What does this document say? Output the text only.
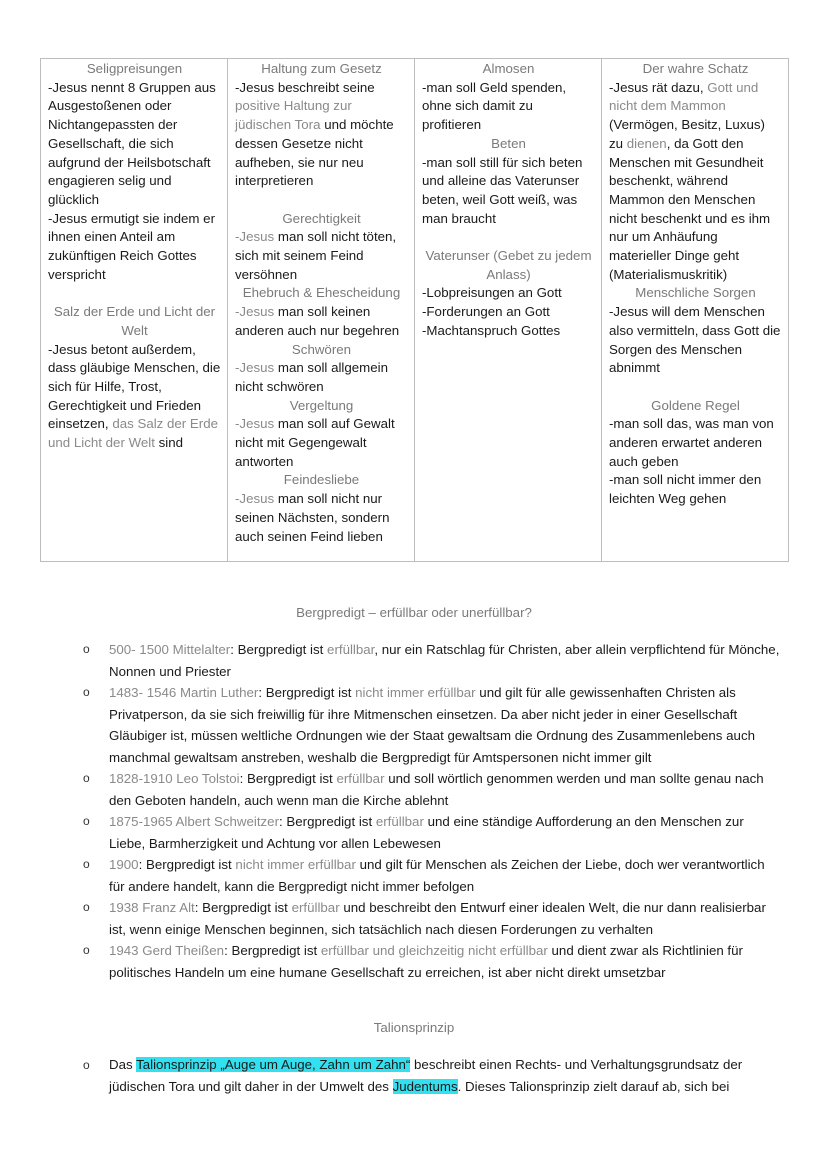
Seligpreisungen
-Jesus nennt 8 Gruppen aus Ausgestoßenen oder Nichtangepassten der Gesellschaft, die sich aufgrund der Heilsbotschaft engagieren selig und glücklich
-Jesus ermutigt sie indem er ihnen einen Anteil am zukünftigen Reich Gottes verspricht
Salz der Erde und Licht der Welt
-Jesus betont außerdem, dass gläubige Menschen, die sich für Hilfe, Trost, Gerechtigkeit und Frieden einsetzen, das Salz der Erde und Licht der Welt sind

Haltung zum Gesetz
-Jesus beschreibt seine positive Haltung zur jüdischen Tora und möchte dessen Gesetze nicht aufheben, sie nur neu interpretieren
Gerechtigkeit
-Jesus man soll nicht töten, sich mit seinem Feind versöhnen
Ehebruch & Ehescheidung
-Jesus man soll keinen anderen auch nur begehren
Schwören
-Jesus man soll allgemein nicht schwören
Vergeltung
-Jesus man soll auf Gewalt nicht mit Gegengewalt antworten
Feindesliebe
-Jesus man soll nicht nur seinen Nächsten, sondern auch seinen Feind lieben

Almosen
-man soll Geld spenden, ohne sich damit zu profitieren
Beten
-man soll still für sich beten und alleine das Vaterunser beten, weil Gott weiß, was man braucht
Vaterunser (Gebet zu jedem Anlass)
-Lobpreisungen an Gott
-Forderungen an Gott
-Machtanspruch Gottes

Der wahre Schatz
-Jesus rät dazu, Gott und nicht dem Mammon (Vermögen, Besitz, Luxus) zu dienen, da Gott den Menschen mit Gesundheit beschenkt, während Mammon den Menschen nicht beschenkt und es ihm nur um Anhäufung materieller Dinge geht (Materialismuskritik)
Menschliche Sorgen
-Jesus will dem Menschen also vermitteln, dass Gott die Sorgen des Menschen abnimmt
Goldene Regel
-man soll das, was man von anderen erwartet anderen auch geben
-man soll nicht immer den leichten Weg gehen
Bergpredigt – erfüllbar oder unerfüllbar?
o 500- 1500 Mittelalter: Bergpredigt ist erfüllbar, nur ein Ratschlag für Christen, aber allein verpflichtend für Mönche, Nonnen und Priester
o 1483- 1546 Martin Luther: Bergpredigt ist nicht immer erfüllbar und gilt für alle gewissenhaften Christen als Privatperson, da sie sich freiwillig für ihre Mitmenschen einsetzen. Da aber nicht jeder in einer Gesellschaft Gläubiger ist, müssen weltliche Ordnungen wie der Staat gewaltsam die Ordnung des Zusammenlebens auch manchmal gewaltsam anstreben, weshalb die Bergpredigt für Amtspersonen nicht immer gilt
o 1828-1910 Leo Tolstoi: Bergpredigt ist erfüllbar und soll wörtlich genommen werden und man sollte genau nach den Geboten handeln, auch wenn man die Kirche ablehnt
o 1875-1965 Albert Schweitzer: Bergpredigt ist erfüllbar und eine ständige Aufforderung an den Menschen zur Liebe, Barmherzigkeit und Achtung vor allen Lebewesen
o 1900: Bergpredigt ist nicht immer erfüllbar und gilt für Menschen als Zeichen der Liebe, doch wer verantwortlich für andere handelt, kann die Bergpredigt nicht immer befolgen
o 1938 Franz Alt: Bergpredigt ist erfüllbar und beschreibt den Entwurf einer idealen Welt, die nur dann realisierbar ist, wenn einige Menschen beginnen, sich tatsächlich nach diesen Forderungen zu verhalten
o 1943 Gerd Theißen: Bergpredigt ist erfüllbar und gleichzeitig nicht erfüllbar und dient zwar als Richtlinien für politisches Handeln um eine humane Gesellschaft zu erreichen, ist aber nicht direkt umsetzbar
Talionsprinzip
o Das Talionsprinzip „Auge um Auge, Zahn um Zahn“ beschreibt einen Rechts- und Verhaltungsgrundsatz der jüdischen Tora und gilt daher in der Umwelt des Judentums. Dieses Talionsprinzip zielt darauf ab, sich bei
